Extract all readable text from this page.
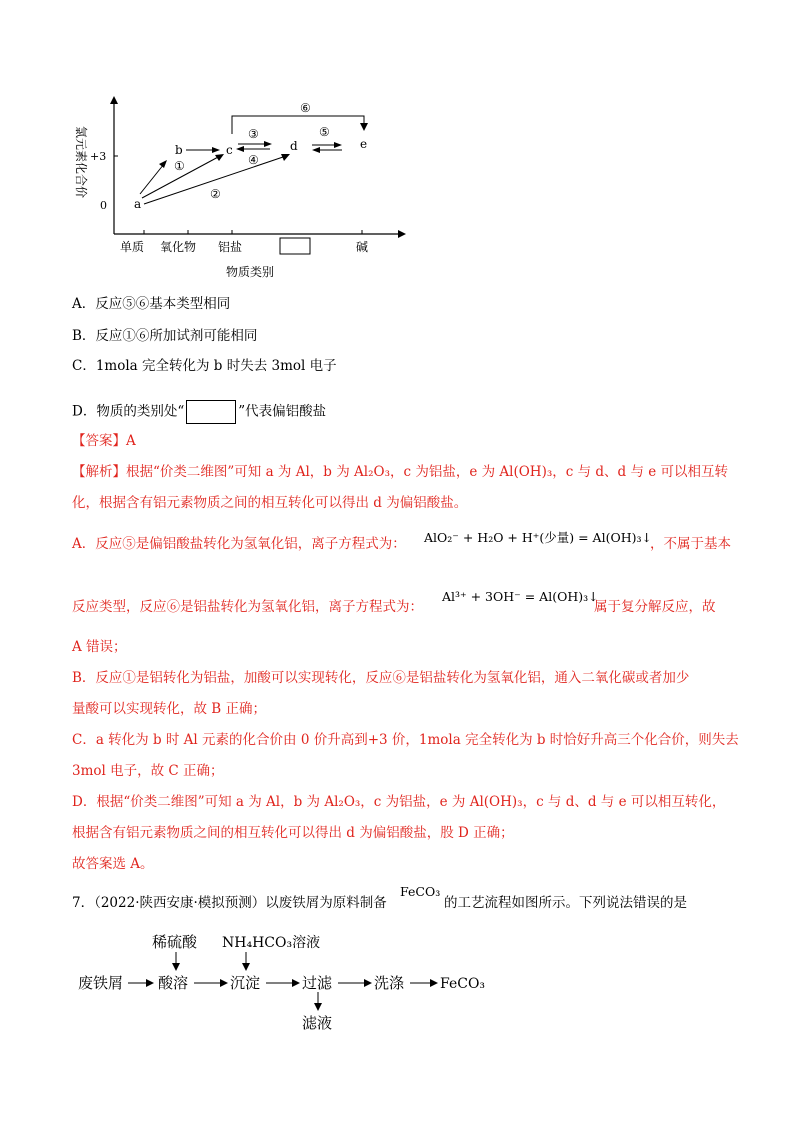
氯元素化合价 +3
0
单质 氧化物 铝盐	碱
物质类别
a
b	c	d	e
①
②
③
④
⑤
⑥
A．反应⑤⑥基本类型相同
B．反应①⑥所加试剂可能相同
C．1mola 完全转化为 b 时失去 3mol 电子
D．物质的类别处“	”代表偏铝酸盐
【答案】A
【解析】根据“价类二维图”可知 a 为 Al，b 为 Al₂O₃，c 为铝盐，e 为 Al(OH)₃，c 与 d、d 与 e 可以相互转
化，根据含有铝元素物质之间的相互转化可以得出 d 为偏铝酸盐。
A．反应⑤是偏铝酸盐转化为氢氧化铝，离子方程式为： AlO₂⁻ + H₂O + H⁺(少量) = Al(OH)₃↓
，不属于基本
反应类型，反应⑥是铝盐转化为氢氧化铝，离子方程式为：
Al³⁺ + 3OH⁻ = Al(OH)₃↓
属于复分解反应，故
A 错误；
B．反应①是铝转化为铝盐，加酸可以实现转化，反应⑥是铝盐转化为氢氧化铝，通入二氧化碳或者加少
量酸可以实现转化，故 B 正确；
C．a 转化为 b 时 Al 元素的化合价由 0 价升高到+3 价，1mola 完全转化为 b 时恰好升高三个化合价，则失去
3mol 电子，故 C 正确；
D．根据“价类二维图”可知 a 为 Al，b 为 Al₂O₃，c 为铝盐，e 为 Al(OH)₃，c 与 d、d 与 e 可以相互转化，
根据含有铝元素物质之间的相互转化可以得出 d 为偏铝酸盐，股 D 正确；
故答案选 A。
7．（2022·陕西安康·模拟预测）以废铁屑为原料制备
FeCO₃
的工艺流程如图所示。下列说法错误的是
稀硫酸 NH₄HCO₃溶液
废铁屑 酸溶	沉淀	过滤
滤液
洗涤	FeCO₃
